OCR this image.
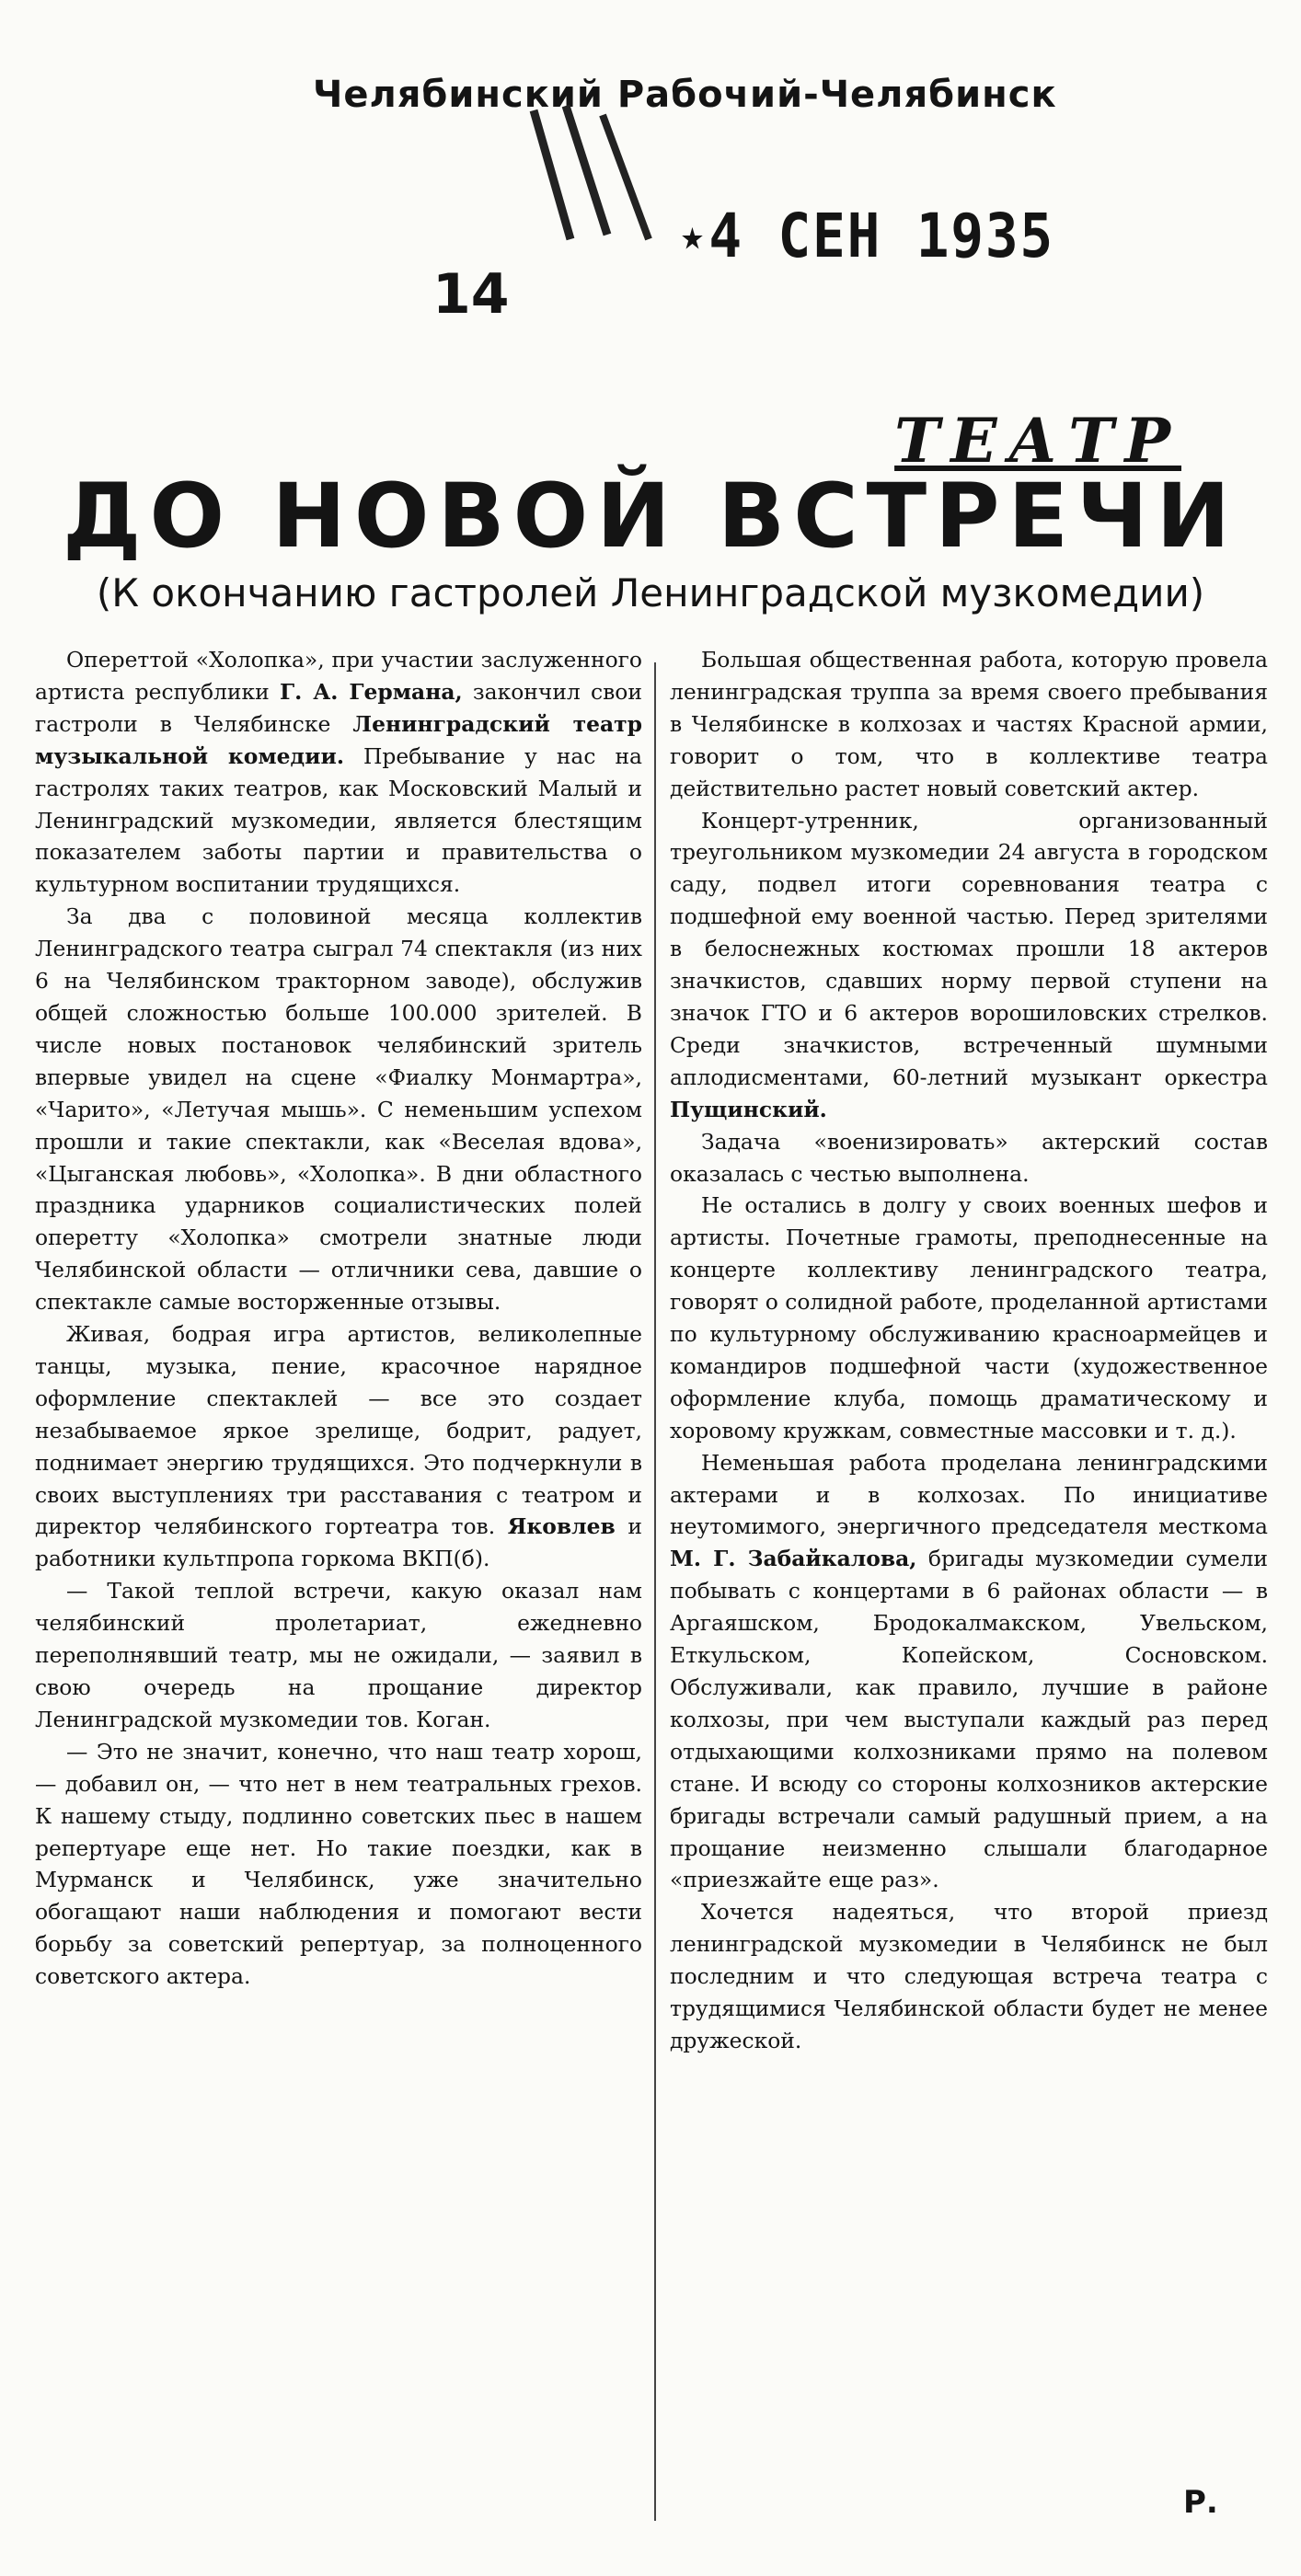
Челябинский Рабочий-Челябинск
14
★4 СЕН 1935
ТЕАТР
ДО НОВОЙ ВСТРЕЧИ
(К окончанию гастролей Ленинградской музкомедии)

Опереттой «Холопка», при участии заслуженного артиста республики Г. А. Германа, закончил свои гастроли в Челябинске Ленинградский театр музыкальной комедии. Пребывание у нас на гастролях таких театров, как Московский Малый и Ленинградский музкомедии, является блестящим показателем заботы партии и правительства о культурном воспитании трудящихся.

За два с половиной месяца коллектив Ленинградского театра сыграл 74 спектакля (из них 6 на Челябинском тракторном заводе), обслужив общей сложностью больше 100.000 зрителей. В числе новых постановок челябинский зритель впервые увидел на сцене «Фиалку Монмартра», «Чарито», «Летучая мышь». С неменьшим успехом прошли и такие спектакли, как «Веселая вдова», «Цыганская любовь», «Холопка». В дни областного праздника ударников социалистических полей оперетту «Холопка» смотрели знатные люди Челябинской области — отличники сева, давшие о спектакле самые восторженные отзывы.

Живая, бодрая игра артистов, великолепные танцы, музыка, пение, красочное нарядное оформление спектаклей — все это создает незабываемое яркое зрелище, бодрит, радует, поднимает энергию трудящихся. Это подчеркнули в своих выступлениях три расставания с театром и директор челябинского гортеатра тов. Яковлев и работники культпропа горкома ВКП(б).

— Такой теплой встречи, какую оказал нам челябинский пролетариат, ежедневно переполнявший театр, мы не ожидали, — заявил в свою очередь на прощание директор Ленинградской музкомедии тов. Коган.

— Это не значит, конечно, что наш театр хорош, — добавил он, — что нет в нем театральных грехов. К нашему стыду, подлинно советских пьес в нашем репертуаре еще нет. Но такие поездки, как в Мурманск и Челябинск, уже значительно обогащают наши наблюдения и помогают вести борьбу за советский репертуар, за полноценного советского актера.

Большая общественная работа, которую провела ленинградская труппа за время своего пребывания в Челябинске в колхозах и частях Красной армии, говорит о том, что в коллективе театра действительно растет новый советский актер.

Концерт-утренник, организованный треугольником музкомедии 24 августа в городском саду, подвел итоги соревнования театра с подшефной ему военной частью. Перед зрителями в белоснежных костюмах прошли 18 актеров значкистов, сдавших норму первой ступени на значок ГТО и 6 актеров ворошиловских стрелков. Среди значкистов, встреченный шумными аплодисментами, 60-летний музыкант оркестра Пущинский.

Задача «военизировать» актерский состав оказалась с честью выполнена.

Не остались в долгу у своих военных шефов и артисты. Почетные грамоты, преподнесенные на концерте коллективу ленинградского театра, говорят о солидной работе, проделанной артистами по культурному обслуживанию красноармейцев и командиров подшефной части (художественное оформление клуба, помощь драматическому и хоровому кружкам, совместные массовки и т. д.).

Неменьшая работа проделана ленинградскими актерами и в колхозах. По инициативе неутомимого, энергичного председателя месткома М. Г. Забайкалова, бригады музкомедии сумели побывать с концертами в 6 районах области — в Аргаяшском, Бродокалмакском, Увельском, Еткульском, Копейском, Сосновском. Обслуживали, как правило, лучшие в районе колхозы, при чем выступали каждый раз перед отдыхающими колхозниками прямо на полевом стане. И всюду со стороны колхозников актерские бригады встречали самый радушный прием, а на прощание неизменно слышали благодарное «приезжайте еще раз».

Хочется надеяться, что второй приезд ленинградской музкомедии в Челябинск не был последним и что следующая встреча театра с трудящимися Челябинской области будет не менее дружеской.

Р.
